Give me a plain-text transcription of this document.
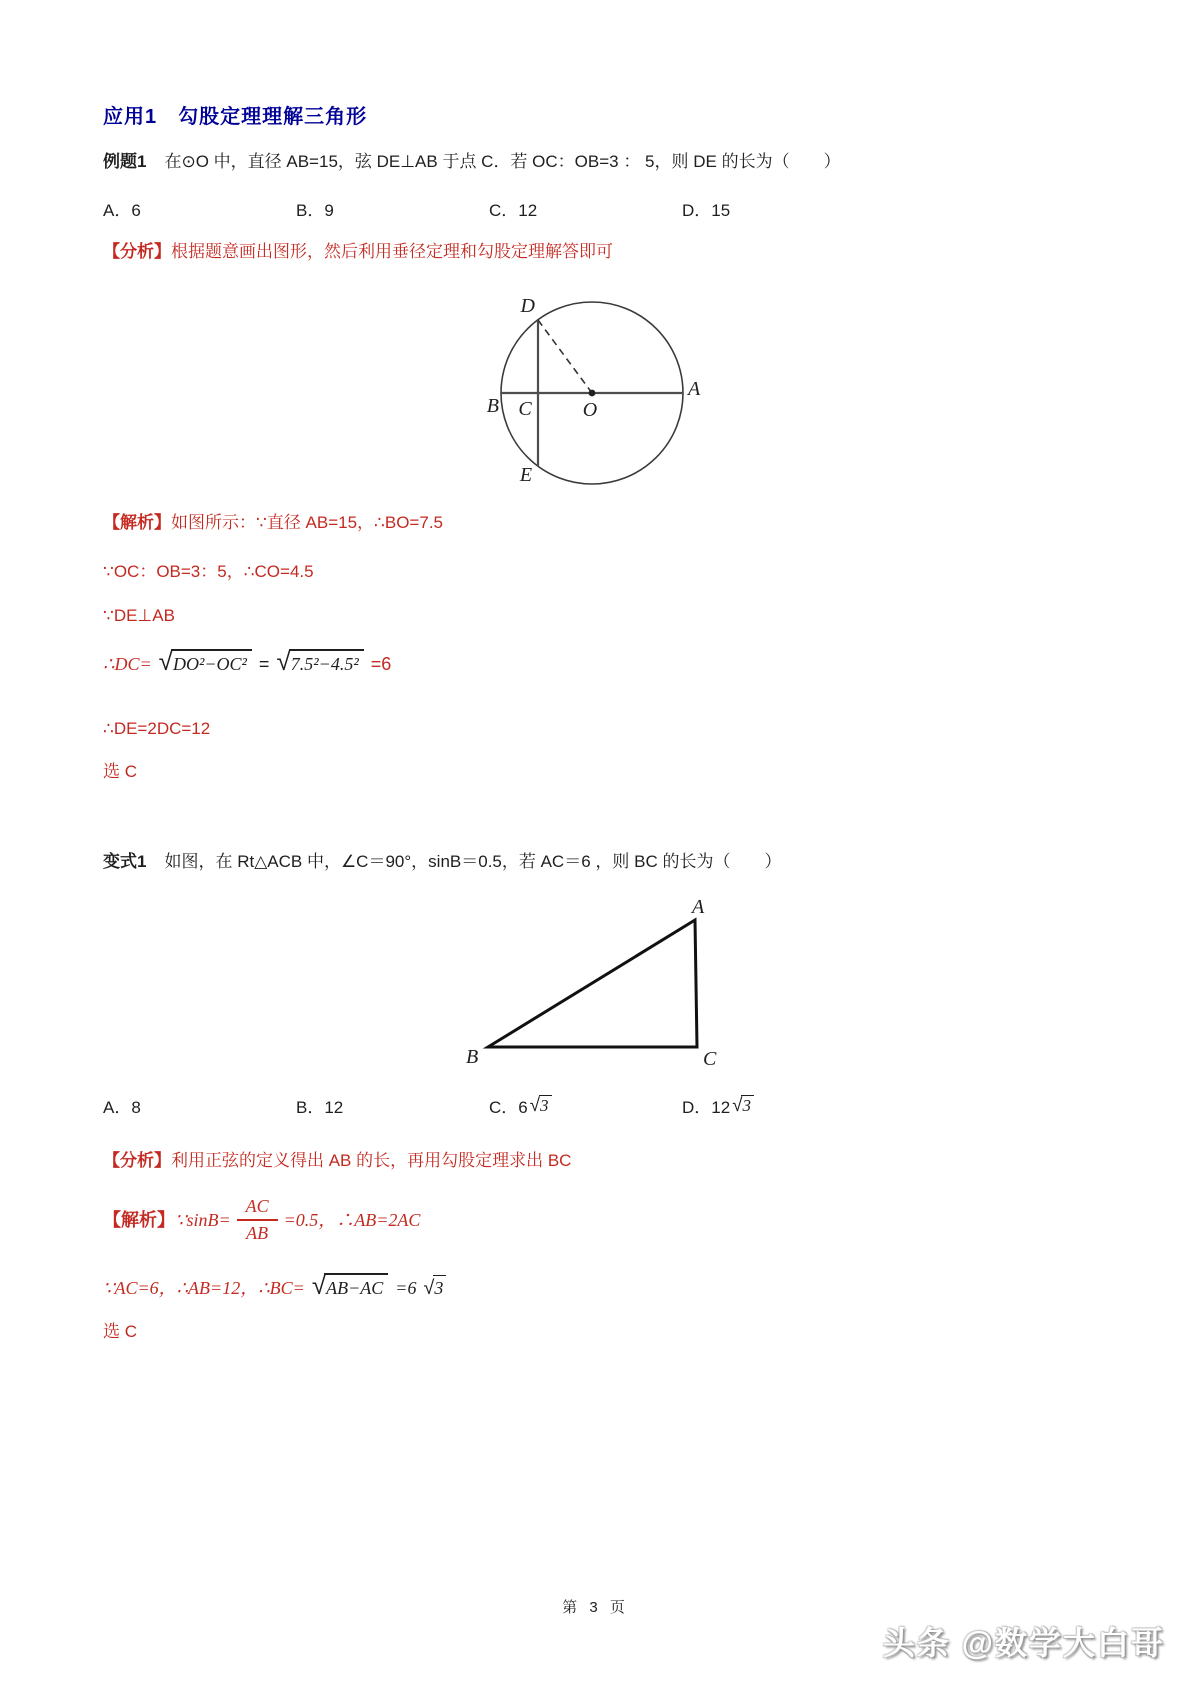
应用1　勾股定理理解三角形
例题1 在⊙O 中，直径 AB=15，弦 DE⊥AB 于点 C．若 OC：OB=3 ： 5，则 DE 的长为（　　）
A．6	B．9	C．12	D．15
【分析】根据题意画出图形，然后利用垂径定理和勾股定理解答即可
D
B C	O
A
E
【解析】如图所示：∵直径 AB=15，∴BO=7.5
∵OC：OB=3：5，∴CO=4.5
∵DE⊥AB
∴DC= √ DO²−OC² = √ 7.5²−4.5² =6
∴DE=2DC=12
选 C
变式1 如图，在 Rt△ACB 中，∠C＝90°，sinB＝0.5，若 AC＝6 ，则 BC 的长为（　　）
A
B	C
A．8	B．12	C．6 √ 3	D．12 √ 3
【分析】利用正弦的定义得出 AB 的长，再用勾股定理求出 BC
【解析】 ∵sinB= $\frac{AC}{AB} =0.5$，∴AB=2AC
∵AC=6，∴AB=12，∴BC= √ AB−AC =6 √ 3
选 C
第 3 页
头条 @数学大白哥
